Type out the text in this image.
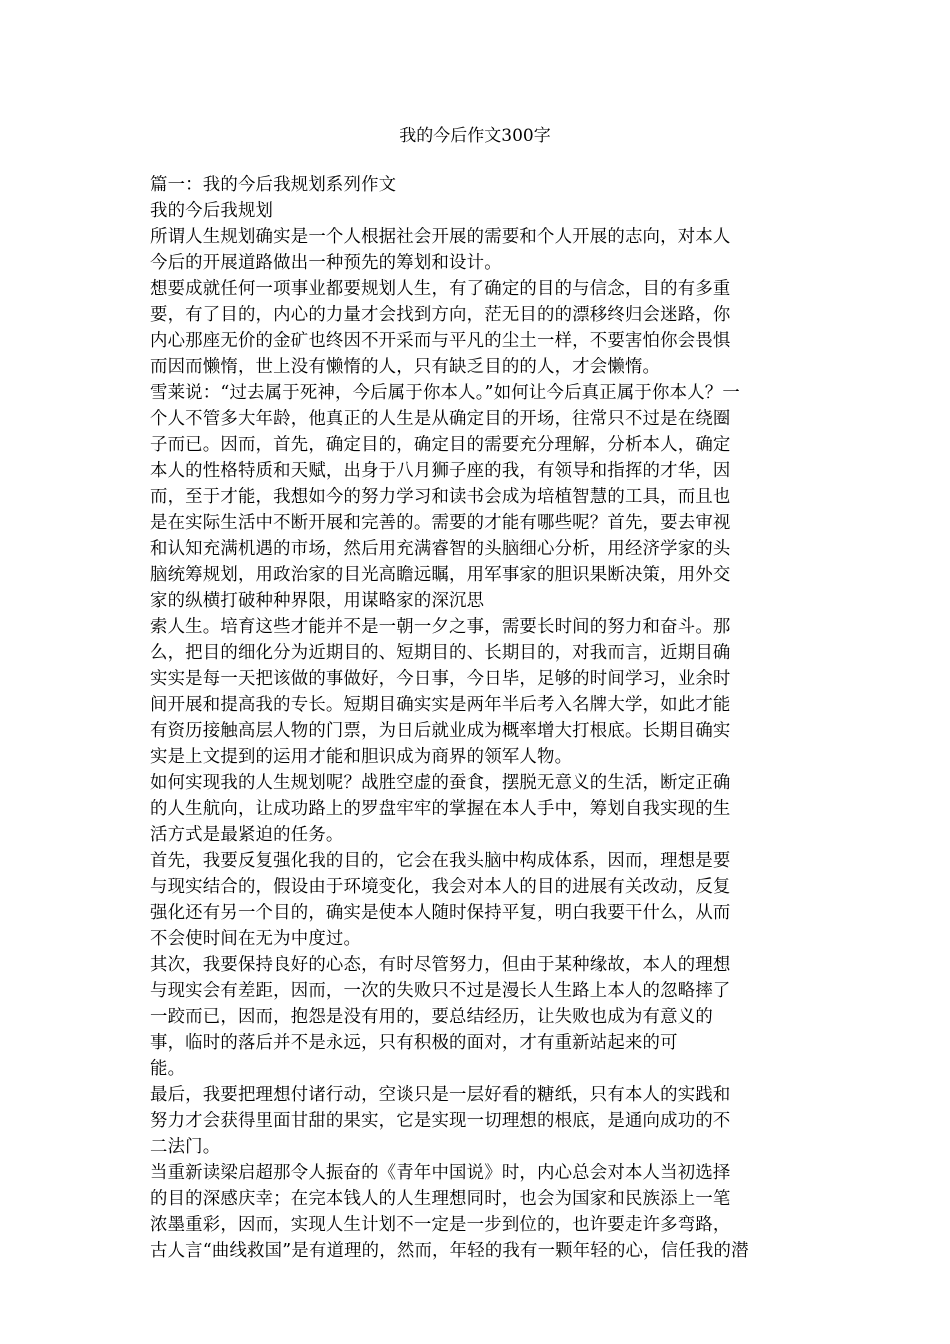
我的今后作文300字
篇一：我的今后我规划系列作文
我的今后我规划
所谓人生规划确实是一个人根据社会开展的需要和个人开展的志向，对本人
今后的开展道路做出一种预先的筹划和设计。
想要成就任何一项事业都要规划人生，有了确定的目的与信念，目的有多重
要，有了目的，内心的力量才会找到方向，茫无目的的漂移终归会迷路，你
内心那座无价的金矿也终因不开采而与平凡的尘土一样，不要害怕你会畏惧
而因而懒惰，世上没有懒惰的人，只有缺乏目的的人，才会懒惰。
雪莱说：“过去属于死神，今后属于你本人。”如何让今后真正属于你本人？一
个人不管多大年龄，他真正的人生是从确定目的开场，往常只不过是在绕圈
子而已。因而，首先，确定目的，确定目的需要充分理解，分析本人，确定
本人的性格特质和天赋，出身于八月狮子座的我，有领导和指挥的才华，因
而，至于才能，我想如今的努力学习和读书会成为培植智慧的工具，而且也
是在实际生活中不断开展和完善的。需要的才能有哪些呢？首先，要去审视
和认知充满机遇的市场，然后用充满睿智的头脑细心分析，用经济学家的头
脑统筹规划，用政治家的目光高瞻远瞩，用军事家的胆识果断决策，用外交
家的纵横打破种种界限，用谋略家的深沉思
索人生。培育这些才能并不是一朝一夕之事，需要长时间的努力和奋斗。那
么，把目的细化分为近期目的、短期目的、长期目的，对我而言，近期目确
实实是每一天把该做的事做好，今日事，今日毕，足够的时间学习，业余时
间开展和提高我的专长。短期目确实实是两年半后考入名牌大学，如此才能
有资历接触高层人物的门票，为日后就业成为概率增大打根底。长期目确实
实是上文提到的运用才能和胆识成为商界的领军人物。
如何实现我的人生规划呢？战胜空虚的蚕食，摆脱无意义的生活，断定正确
的人生航向，让成功路上的罗盘牢牢的掌握在本人手中，筹划自我实现的生
活方式是最紧迫的任务。
首先，我要反复强化我的目的，它会在我头脑中构成体系，因而，理想是要
与现实结合的，假设由于环境变化，我会对本人的目的进展有关改动，反复
强化还有另一个目的，确实是使本人随时保持平复，明白我要干什么，从而
不会使时间在无为中度过。
其次，我要保持良好的心态，有时尽管努力，但由于某种缘故，本人的理想
与现实会有差距，因而，一次的失败只不过是漫长人生路上本人的忽略摔了
一跤而已，因而，抱怨是没有用的，要总结经历，让失败也成为有意义的
事，临时的落后并不是永远，只有积极的面对，才有重新站起来的可
能。
最后，我要把理想付诸行动，空谈只是一层好看的糖纸，只有本人的实践和
努力才会获得里面甘甜的果实，它是实现一切理想的根底，是通向成功的不
二法门。
当重新读梁启超那令人振奋的《青年中国说》时，内心总会对本人当初选择
的目的深感庆幸；在完本钱人的人生理想同时，也会为国家和民族添上一笔
浓墨重彩，因而，实现人生计划不一定是一步到位的，也许要走许多弯路，
古人言“曲线救国”是有道理的，然而，年轻的我有一颗年轻的心，信任我的潜
